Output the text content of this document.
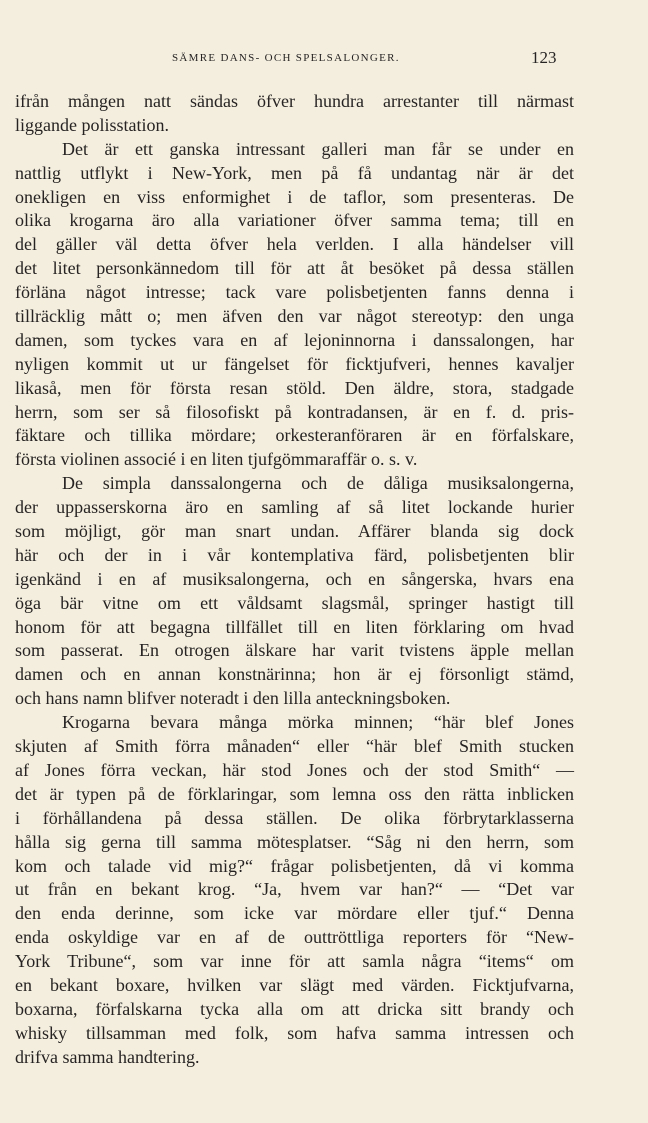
SÄMRE DANS- OCH SPELSALONGER.	123
ifrån mången natt sändas öfver hundra arrestanter till närmast
liggande polisstation.
Det är ett ganska intressant galleri man får se under en
nattlig utflykt i New-York, men på få undantag när är det
onekligen en viss enformighet i de taflor, som presenteras. De
olika krogarna äro alla variationer öfver samma tema; till en
del gäller väl detta öfver hela verlden. I alla händelser vill
det litet personkännedom till för att åt besöket på dessa ställen
förläna något intresse; tack vare polisbetjenten fanns denna i
tillräcklig mått o; men äfven den var något stereotyp: den unga
damen, som tyckes vara en af lejoninnorna i danssalongen, har
nyligen kommit ut ur fängelset för ficktjufveri, hennes kavaljer
likaså, men för första resan stöld. Den äldre, stora, stadgade
herrn, som ser så filosofiskt på kontradansen, är en f. d. pris-
fäktare och tillika mördare; orkesteranföraren är en förfalskare,
första violinen associé i en liten tjufgömmaraffär o. s. v.
De simpla danssalongerna och de dåliga musiksalongerna,
der uppasserskorna äro en samling af så litet lockande hurier
som möjligt, gör man snart undan. Affärer blanda sig dock
här och der in i vår kontemplativa färd, polisbetjenten blir
igenkänd i en af musiksalongerna, och en sångerska, hvars ena
öga bär vitne om ett våldsamt slagsmål, springer hastigt till
honom för att begagna tillfället till en liten förklaring om hvad
som passerat. En otrogen älskare har varit tvistens äpple mellan
damen och en annan konstnärinna; hon är ej försonligt stämd,
och hans namn blifver noteradt i den lilla anteckningsboken.
Krogarna bevara många mörka minnen; “här blef Jones
skjuten af Smith förra månaden“ eller “här blef Smith stucken
af Jones förra veckan, här stod Jones och der stod Smith“ —
det är typen på de förklaringar, som lemna oss den rätta inblicken
i förhållandena på dessa ställen. De olika förbrytarklasserna
hålla sig gerna till samma mötesplatser. “Såg ni den herrn, som
kom och talade vid mig?“ frågar polisbetjenten, då vi komma
ut från en bekant krog. “Ja, hvem var han?“ — “Det var
den enda derinne, som icke var mördare eller tjuf.“ Denna
enda oskyldige var en af de outtröttliga reporters för “New-
York Tribune“, som var inne för att samla några “items“ om
en bekant boxare, hvilken var slägt med värden. Ficktjufvarna,
boxarna, förfalskarna tycka alla om att dricka sitt brandy och
whisky tillsamman med folk, som hafva samma intressen och
drifva samma handtering.
